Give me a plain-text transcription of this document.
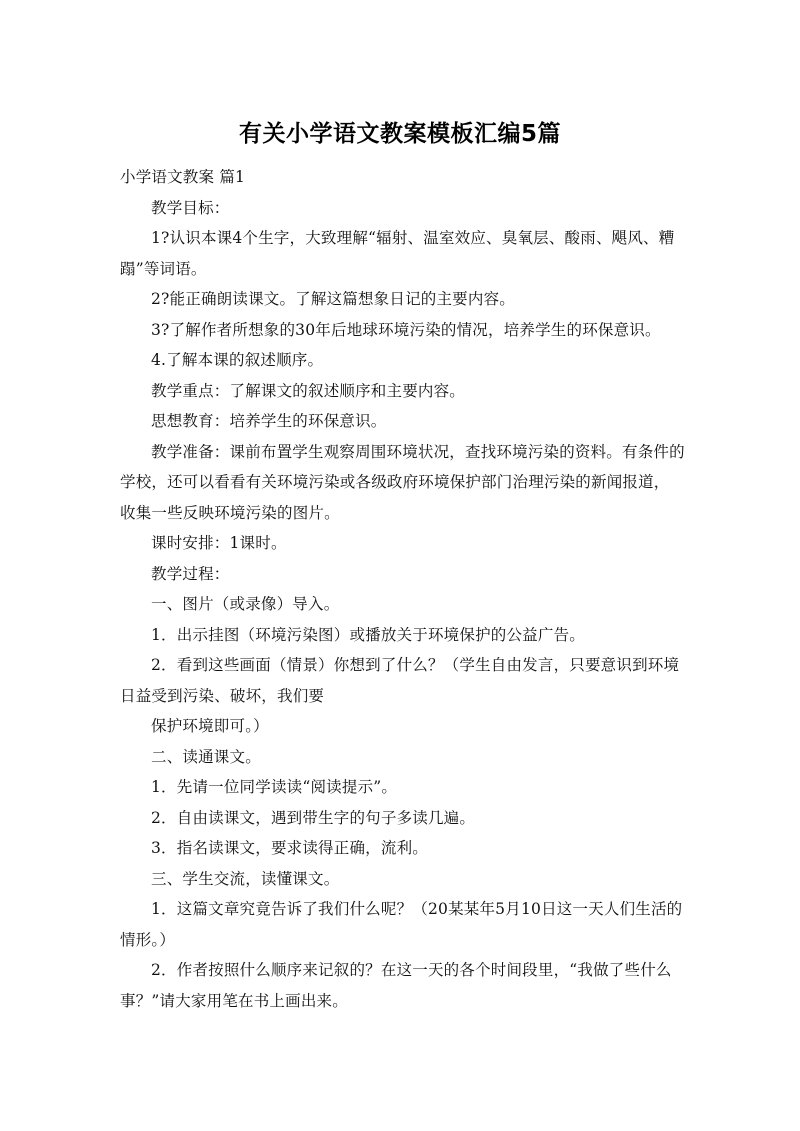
有关小学语文教案模板汇编5篇

小学语文教案 篇1

教学目标：

1?认识本课4个生字，大致理解“辐射、温室效应、臭氧层、酸雨、飓风、糟蹋”等词语。

2?能正确朗读课文。了解这篇想象日记的主要内容。

3?了解作者所想象的30年后地球环境污染的情况，培养学生的环保意识。

4.了解本课的叙述顺序。

教学重点：了解课文的叙述顺序和主要内容。

思想教育：培养学生的环保意识。

教学准备：课前布置学生观察周围环境状况，查找环境污染的资料。有条件的学校，还可以看看有关环境污染或各级政府环境保护部门治理污染的新闻报道，收集一些反映环境污染的图片。

课时安排：1课时。

教学过程：

一、图片（或录像）导入。

1．出示挂图（环境污染图）或播放关于环境保护的公益广告。

2．看到这些画面（情景）你想到了什么？（学生自由发言，只要意识到环境日益受到污染、破坏，我们要

保护环境即可。）

二、读通课文。

1．先请一位同学读读“阅读提示”。

2．自由读课文，遇到带生字的句子多读几遍。

3．指名读课文，要求读得正确，流利。

三、学生交流，读懂课文。

1．这篇文章究竟告诉了我们什么呢？（20某某年5月10日这一天人们生活的情形。）

2．作者按照什么顺序来记叙的？在这一天的各个时间段里，“我做了些什么事？”请大家用笔在书上画出来。
